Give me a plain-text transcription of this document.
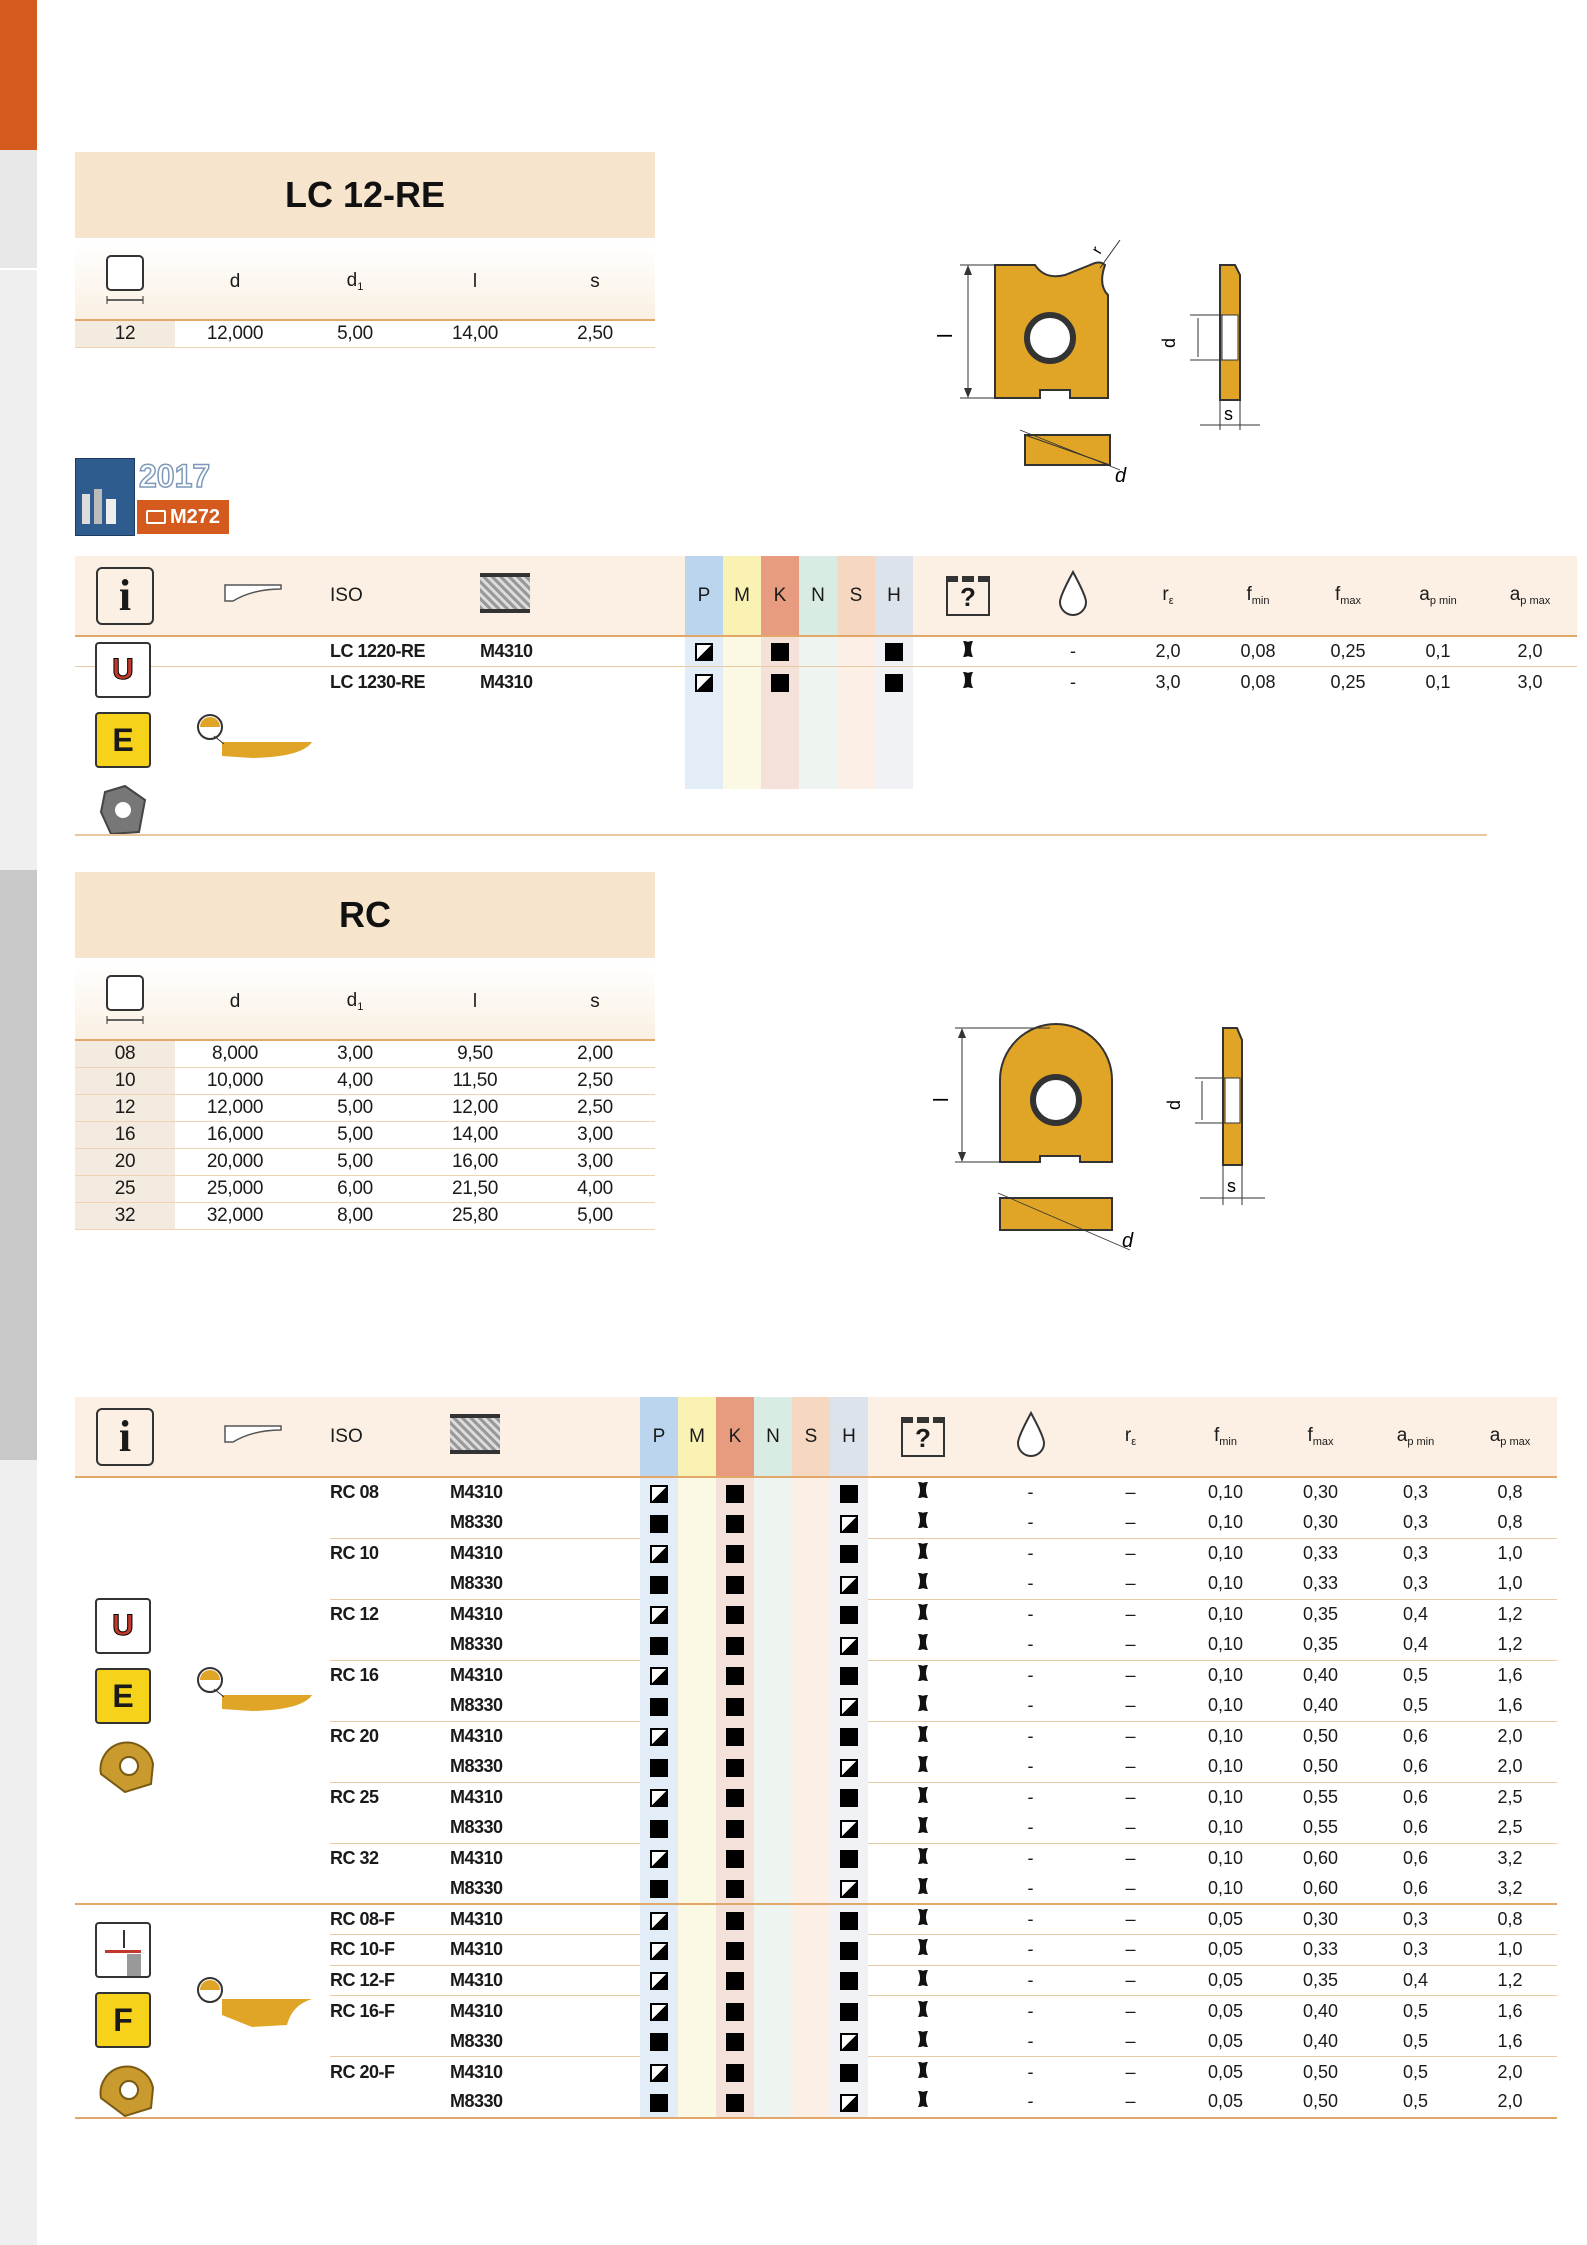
LC 12-RE
	d	$d_1$	l	s
12	12,000	5,00	14,00	2,50	l
r
d
d
s
2017
M272
i		ISO		P	M	K	N	S	H	?		$r_\varepsilon$	$f_{min}$	$f_{max}$	$a_{p min}$	$a_{p max}$
		LC 1220-RE	M4310								-	2,0	0,08	0,25	0,1	2,0
		LC 1230-RE	M4310								-	3,0	0,08	0,25	0,1	3,0

U
E
RC
	d	$d_1$	l	s
08	8,000	3,00	9,50	2,00
10	10,000	4,00	11,50	2,50
12	12,000	5,00	12,00	2,50
16	16,000	5,00	14,00	3,00
20	20,000	5,00	16,00	3,00
25	25,000	6,00	21,50	4,00
32	32,000	8,00	25,80	5,00
l
d
d
s
i		ISO		P	M	K	N	S	H	?		$r_\varepsilon$	$f_{min}$	$f_{max}$	$a_{p min}$	$a_{p max}$
		RC 08	M4310								-	–	0,10	0,30	0,3	0,8
			M8330								-	–	0,10	0,30	0,3	0,8
		RC 10	M4310								-	–	0,10	0,33	0,3	1,0
			M8330								-	–	0,10	0,33	0,3	1,0
		RC 12	M4310								-	–	0,10	0,35	0,4	1,2
			M8330								-	–	0,10	0,35	0,4	1,2
		RC 16	M4310								-	–	0,10	0,40	0,5	1,6
			M8330								-	–	0,10	0,40	0,5	1,6
		RC 20	M4310								-	–	0,10	0,50	0,6	2,0
			M8330								-	–	0,10	0,50	0,6	2,0
		RC 25	M4310								-	–	0,10	0,55	0,6	2,5
			M8330								-	–	0,10	0,55	0,6	2,5
		RC 32	M4310								-	–	0,10	0,60	0,6	3,2
			M8330								-	–	0,10	0,60	0,6	3,2
		RC 08-F	M4310								-	–	0,05	0,30	0,3	0,8
		RC 10-F	M4310								-	–	0,05	0,33	0,3	1,0
		RC 12-F	M4310								-	–	0,05	0,35	0,4	1,2
		RC 16-F	M4310								-	–	0,05	0,40	0,5	1,6
			M8330								-	–	0,05	0,40	0,5	1,6
		RC 20-F	M4310								-	–	0,05	0,50	0,5	2,0
			M8330								-	–	0,05	0,50	0,5	2,0
U
E
F
